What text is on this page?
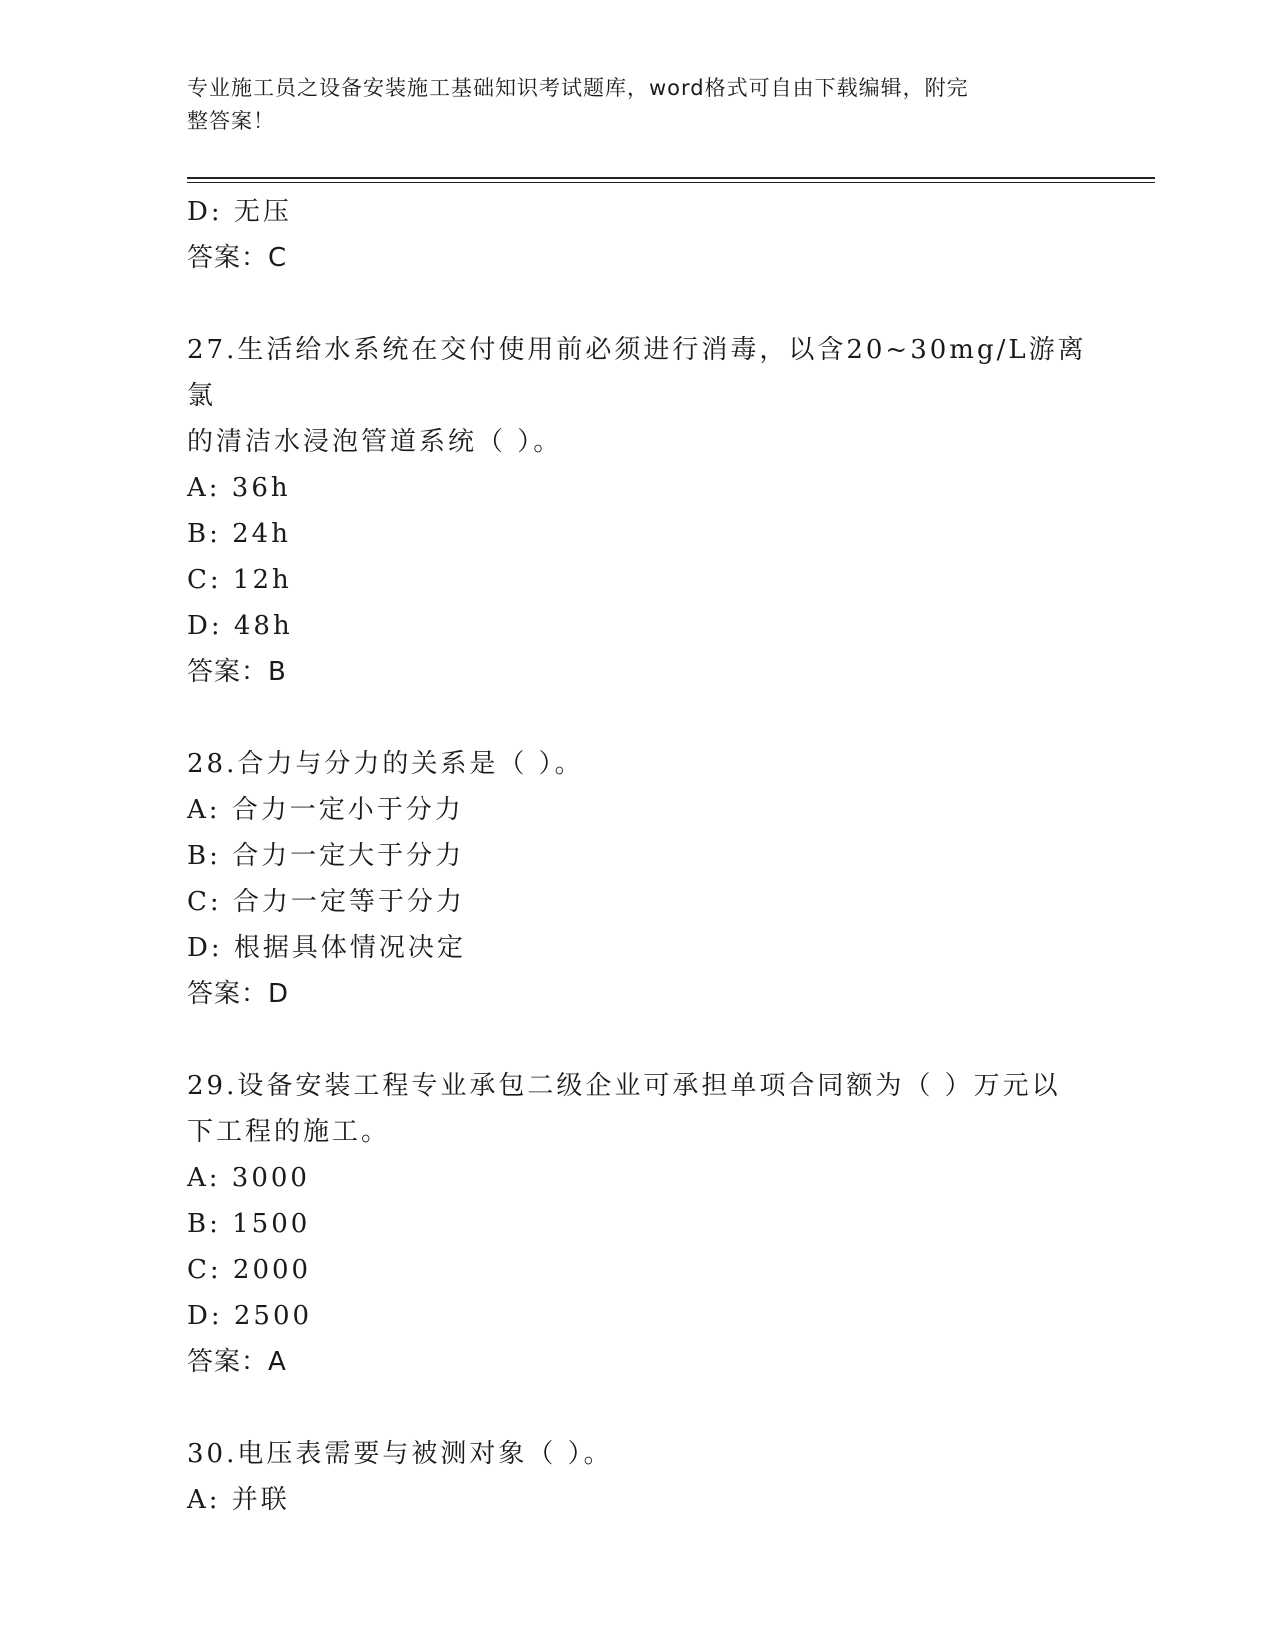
专业施工员之设备安装施工基础知识考试题库，word格式可自由下载编辑，附完
整答案！
D: 无压
答案：C
27.生活给水系统在交付使用前必须进行消毒，以含20~30mg/L游离氯
的清洁水浸泡管道系统（ ）。
A: 36h
B: 24h
C: 12h
D: 48h
答案：B
28.合力与分力的关系是（ ）。
A: 合力一定小于分力
B: 合力一定大于分力
C: 合力一定等于分力
D: 根据具体情况决定
答案：D
29.设备安装工程专业承包二级企业可承担单项合同额为（ ）万元以
下工程的施工。
A: 3000
B: 1500
C: 2000
D: 2500
答案：A
30.电压表需要与被测对象（ ）。
A: 并联
